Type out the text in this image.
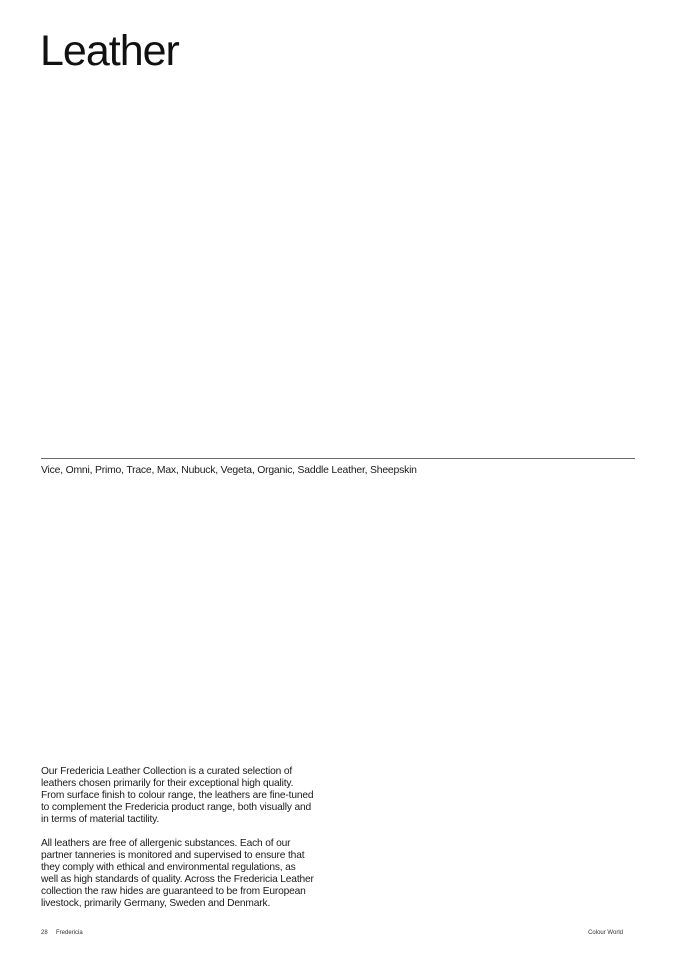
Leather
Vice, Omni, Primo, Trace, Max, Nubuck, Vegeta, Organic, Saddle Leather, Sheepskin

Our Fredericia Leather Collection is a curated selection of
leathers chosen primarily for their exceptional high quality.
From surface finish to colour range, the leathers are fine-tuned
to complement the Fredericia product range, both visually and
in terms of material tactility.

All leathers are free of allergenic substances. Each of our
partner tanneries is monitored and supervised to ensure that
they comply with ethical and environmental regulations, as
well as high standards of quality. Across the Fredericia Leather
collection the raw hides are guaranteed to be from European
livestock, primarily Germany, Sweden and Denmark.

28 Fredericia	Colour World
